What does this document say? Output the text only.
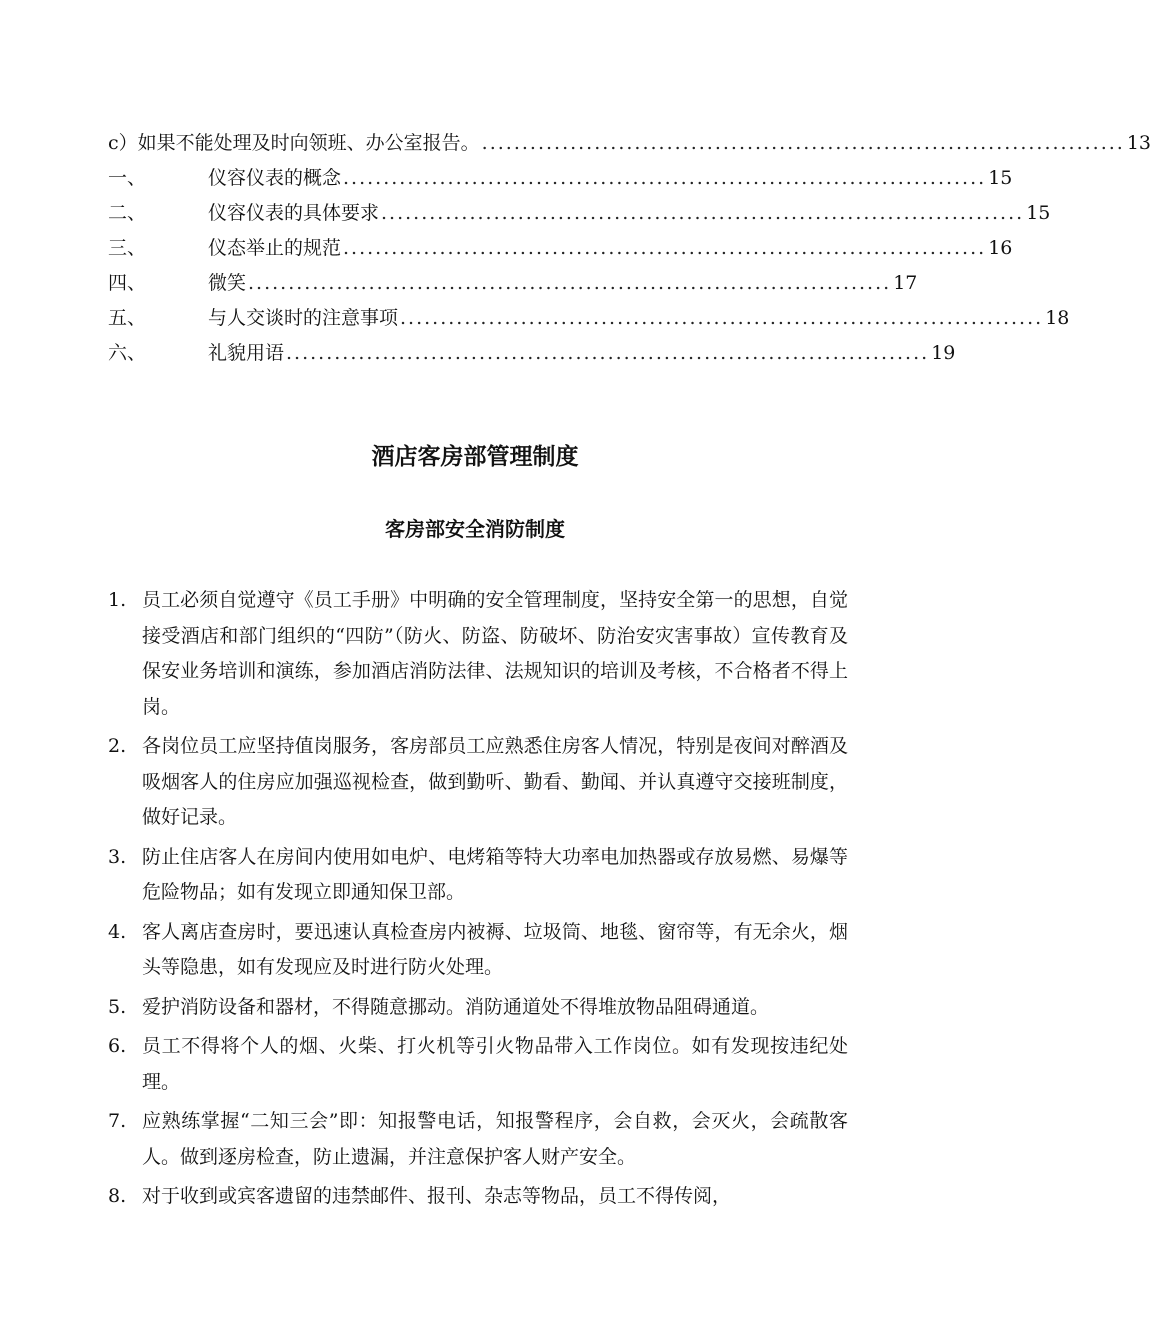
c） 如果不能处理及时向领班、办公室报告。 ................................................................................ 13
一、	仪容仪表的概念 ................................................................................ 15
二、	仪容仪表的具体要求 ................................................................................ 15
三、	仪态举止的规范 ................................................................................ 16
四、	微笑 ................................................................................ 17
五、	与人交谈时的注意事项 ................................................................................ 18
六、	礼貌用语 ................................................................................ 19
酒店客房部管理制度
客房部安全消防制度
1. 员工必须自觉遵守《员工手册》中明确的安全管理制度，坚持安全第一的思想，自觉接受酒店和部门组织的“四防”（防火、防盗、防破坏、防治安灾害事故）宣传教育及保安业务培训和演练，参加酒店消防法律、法规知识的培训及考核，不合格者不得上岗。
2. 各岗位员工应坚持值岗服务，客房部员工应熟悉住房客人情况，特别是夜间对醉酒及吸烟客人的住房应加强巡视检查，做到勤听、勤看、勤闻、并认真遵守交接班制度，做好记录。
3. 防止住店客人在房间内使用如电炉、电烤箱等特大功率电加热器或存放易燃、易爆等危险物品；如有发现立即通知保卫部。
4. 客人离店查房时，要迅速认真检查房内被褥、垃圾筒、地毯、窗帘等，有无余火，烟头等隐患，如有发现应及时进行防火处理。
5. 爱护消防设备和器材，不得随意挪动。消防通道处不得堆放物品阻碍通道。
6. 员工不得将个人的烟、火柴、打火机等引火物品带入工作岗位。如有发现按违纪处理。
7. 应熟练掌握“二知三会”即：知报警电话，知报警程序，会自救，会灭火，会疏散客人。做到逐房检查，防止遗漏，并注意保护客人财产安全。
8. 对于收到或宾客遗留的违禁邮件、报刊、杂志等物品，员工不得传阅，
